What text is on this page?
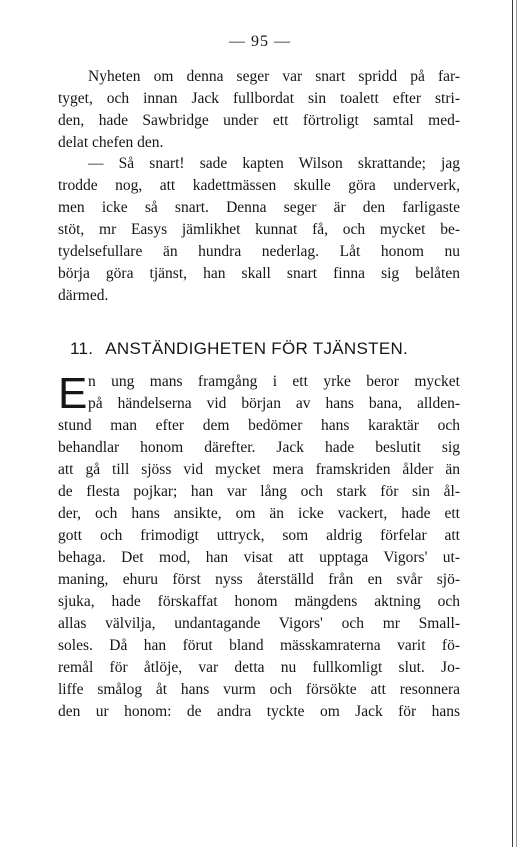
— 95 —
Nyheten om denna seger var snart spridd på far-
tyget, och innan Jack fullbordat sin toalett efter stri-
den, hade Sawbridge under ett förtroligt samtal med-
delat chefen den.
— Så snart! sade kapten Wilson skrattande; jag
trodde nog, att kadettmässen skulle göra underverk,
men icke så snart. Denna seger är den farligaste
stöt, mr Easys jämlikhet kunnat få, och mycket be-
tydelsefullare än hundra nederlag. Låt honom nu
börja göra tjänst, han skall snart finna sig belåten
därmed.
11. ANSTÄNDIGHETEN FÖR TJÄNSTEN.
E n ung mans framgång i ett yrke beror mycket
på händelserna vid början av hans bana, allden-
stund man efter dem bedömer hans karaktär och
behandlar honom därefter. Jack hade beslutit sig
att gå till sjöss vid mycket mera framskriden ålder än
de flesta pojkar; han var lång och stark för sin ål-
der, och hans ansikte, om än icke vackert, hade ett
gott och frimodigt uttryck, som aldrig förfelar att
behaga. Det mod, han visat att upptaga Vigors' ut-
maning, ehuru först nyss återställd från en svår sjö-
sjuka, hade förskaffat honom mängdens aktning och
allas välvilja, undantagande Vigors' och mr Small-
soles. Då han förut bland mässkamraterna varit fö-
remål för åtlöje, var detta nu fullkomligt slut. Jo-
liffe smålog åt hans vurm och försökte att resonnera
den ur honom: de andra tyckte om Jack för hans
